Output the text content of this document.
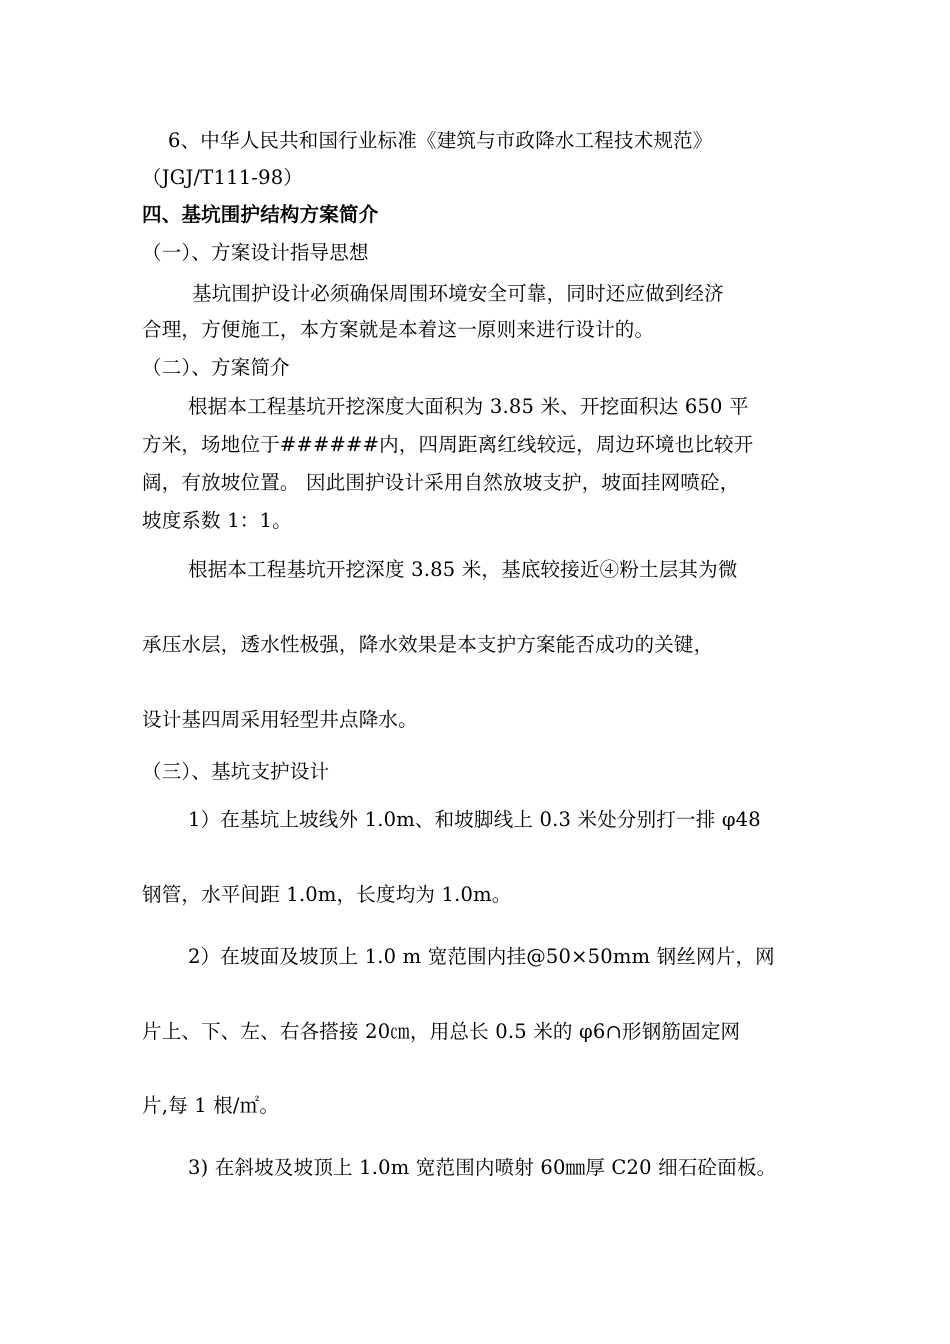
6、中华人民共和国行业标准《建筑与市政降水工程技术规范》
（JGJ/T111-98）
四、基坑围护结构方案简介
（一）、方案设计指导思想
基坑围护设计必须确保周围环境安全可靠，同时还应做到经济
合理，方便施工，本方案就是本着这一原则来进行设计的。
（二）、方案简介
根据本工程基坑开挖深度大面积为 3.85 米、开挖面积达 650 平
方米，场地位于######内，四周距离红线较远，周边环境也比较开
阔，有放坡位置。 因此围护设计采用自然放坡支护，坡面挂网喷砼，
坡度系数 1：1。
根据本工程基坑开挖深度 3.85 米，基底较接近④粉土层其为微
承压水层，透水性极强，降水效果是本支护方案能否成功的关键，
设计基四周采用轻型井点降水。
（三）、基坑支护设计
1）在基坑上坡线外 1.0m、和坡脚线上 0.3 米处分别打一排 φ48
钢管，水平间距 1.0m，长度均为 1.0m。
2）在坡面及坡顶上 1.0 m 宽范围内挂@50×50mm 钢丝网片，网
片上、下、左、右各搭接 20㎝，用总长 0.5 米的 φ6∩形钢筋固定网
片,每 1 根/㎡。
3) 在斜坡及坡顶上 1.0m 宽范围内喷射 60㎜厚 C20 细石砼面板。
